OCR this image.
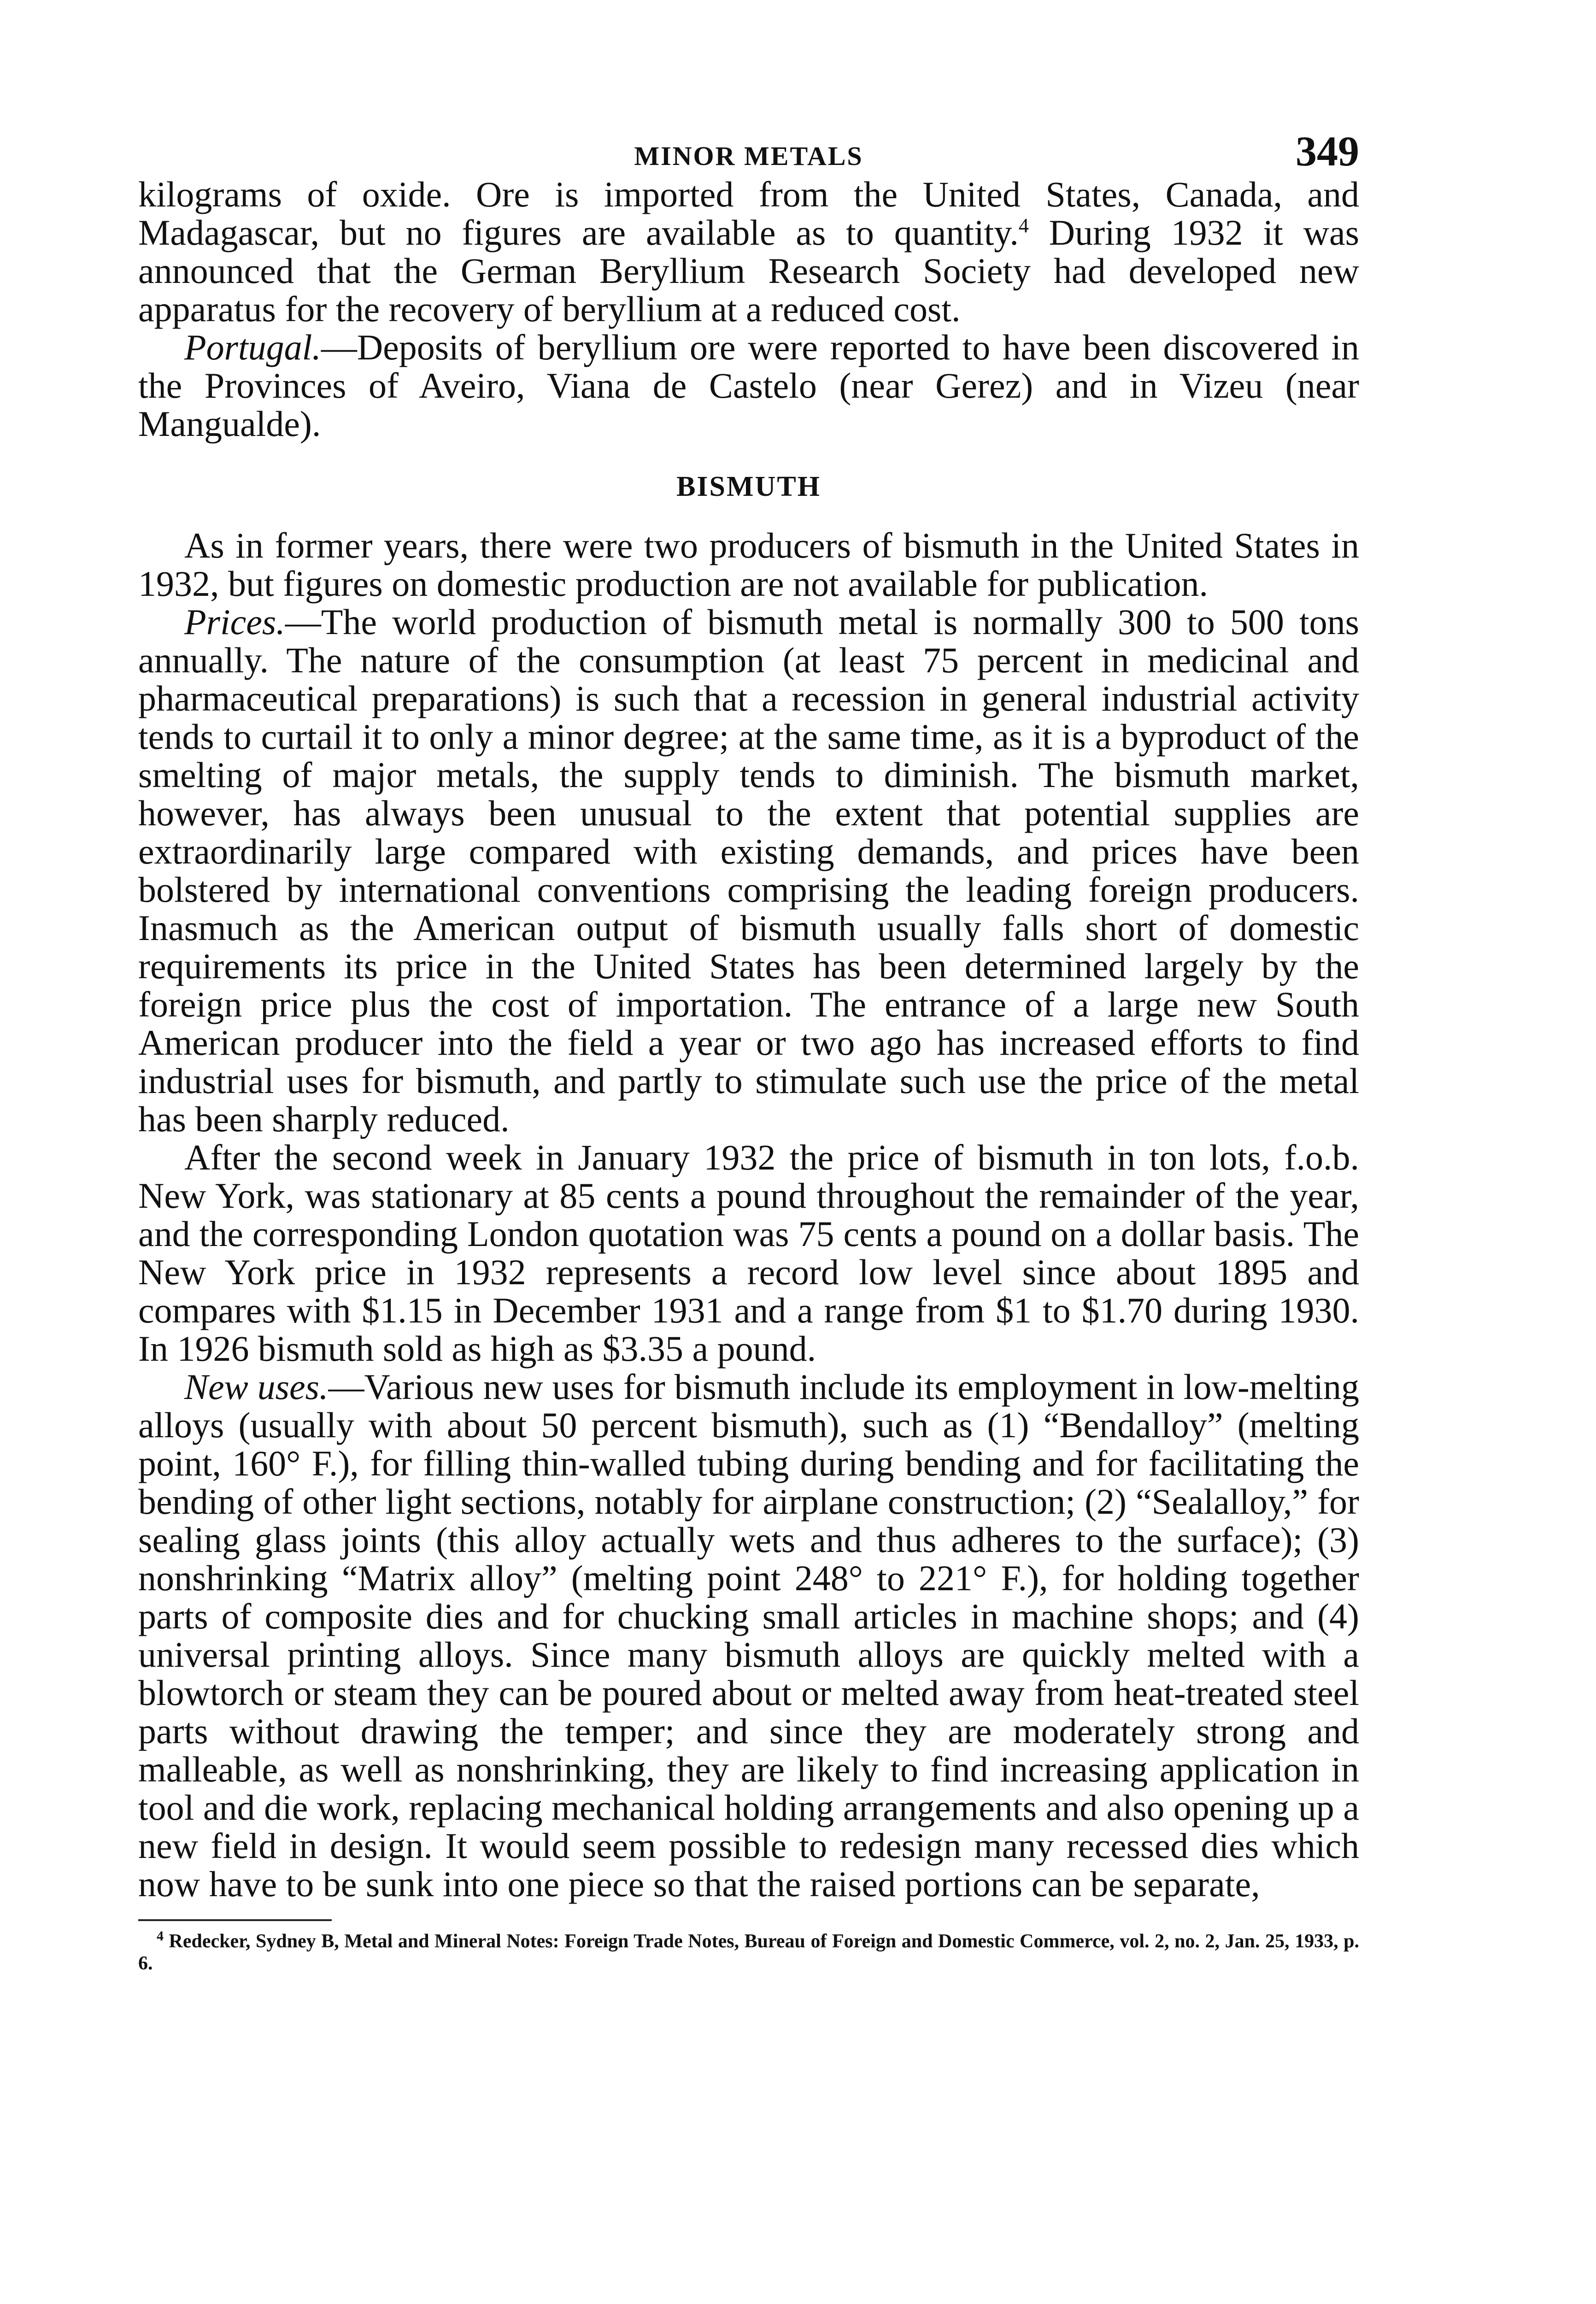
MINOR METALS	349

kilograms of oxide. Ore is imported from the United States, Canada, and Madagascar, but no figures are available as to quantity.$^4$ During 1932 it was announced that the German Beryllium Research Society had developed new apparatus for the recovery of beryllium at a reduced cost.

Portugal.—Deposits of beryllium ore were reported to have been discovered in the Provinces of Aveiro, Viana de Castelo (near Gerez) and in Vizeu (near Mangualde).

BISMUTH

As in former years, there were two producers of bismuth in the United States in 1932, but figures on domestic production are not available for publication.

Prices.—The world production of bismuth metal is normally 300 to 500 tons annually. The nature of the consumption (at least 75 percent in medicinal and pharmaceutical preparations) is such that a recession in general industrial activity tends to curtail it to only a minor degree; at the same time, as it is a byproduct of the smelting of major metals, the supply tends to diminish. The bismuth market, however, has always been unusual to the extent that potential supplies are extraordinarily large compared with existing demands, and prices have been bolstered by international conventions comprising the leading foreign producers. Inasmuch as the American output of bismuth usually falls short of domestic requirements its price in the United States has been determined largely by the foreign price plus the cost of importation. The entrance of a large new South American producer into the field a year or two ago has increased efforts to find industrial uses for bismuth, and partly to stimulate such use the price of the metal has been sharply reduced.

After the second week in January 1932 the price of bismuth in ton lots, f.o.b. New York, was stationary at 85 cents a pound throughout the remainder of the year, and the corresponding London quotation was 75 cents a pound on a dollar basis. The New York price in 1932 represents a record low level since about 1895 and compares with $1.15 in December 1931 and a range from $1 to $1.70 during 1930. In 1926 bismuth sold as high as $3.35 a pound.

New uses.—Various new uses for bismuth include its employment in low-melting alloys (usually with about 50 percent bismuth), such as (1) “Bendalloy” (melting point, 160° F.), for filling thin-walled tubing during bending and for facilitating the bending of other light sections, notably for airplane construction; (2) “Sealalloy,” for sealing glass joints (this alloy actually wets and thus adheres to the surface); (3) nonshrinking “Matrix alloy” (melting point 248° to 221° F.), for holding together parts of composite dies and for chucking small articles in machine shops; and (4) universal printing alloys. Since many bismuth alloys are quickly melted with a blowtorch or steam they can be poured about or melted away from heat-treated steel parts without drawing the temper; and since they are moderately strong and malleable, as well as nonshrinking, they are likely to find increasing application in tool and die work, replacing mechanical holding arrangements and also opening up a new field in design. It would seem possible to redesign many recessed dies which now have to be sunk into one piece so that the raised portions can be separate,

$^4$ Redecker, Sydney B, Metal and Mineral Notes: Foreign Trade Notes, Bureau of Foreign and Domestic Commerce, vol. 2, no. 2, Jan. 25, 1933, p. 6.
